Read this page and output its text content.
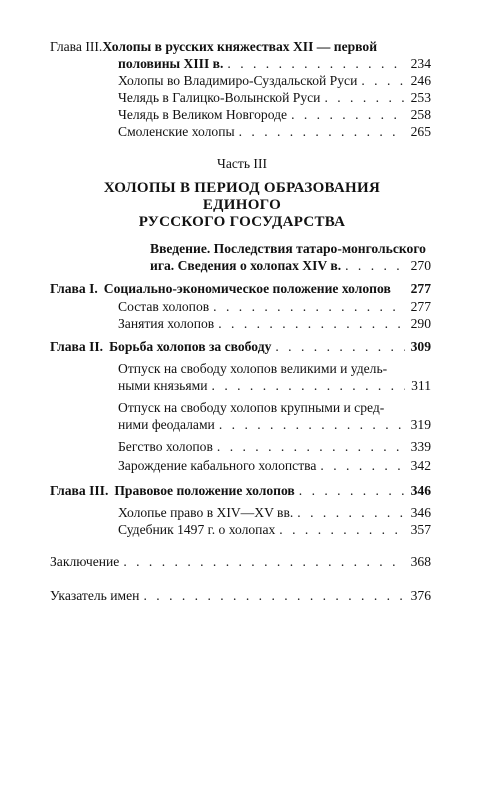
Глава III.Холопы в русских княжествах XII — первой
половины XIII в. . . .	234
Холопы во Владимиро-Суздальской Руси . . .	246
Челядь в Галицко-Волынской Руси . . .	253
Челядь в Великом Новгороде . . .	258
Смоленские холопы . . .	265
Часть III
ХОЛОПЫ В ПЕРИОД ОБРАЗОВАНИЯ
ЕДИНОГО
РУССКОГО ГОСУДАРСТВА
Введение. Последствия татаро-монгольского
ига. Сведения о холопах XIV в. . . .	270
Глава I. Социально-экономическое положение холопов 277
Состав холопов . . .	277
Занятия холопов . . .	290
Глава II. Борьба холопов за свободу . . .	309
Отпуск на свободу холопов великими и удель-
ными князьями . . .	311
Отпуск на свободу холопов крупными и сред-
ними феодалами . . .	319
Бегство холопов . . .	339
Зарождение кабального холопства . . .	342
Глава III. Правовое положение холопов . . .	346
Холопье право в XIV—XV вв. . . .	346
Судебник 1497 г. о холопах . . .	357
Заключение . . .	368
Указатель имен . . .	376
